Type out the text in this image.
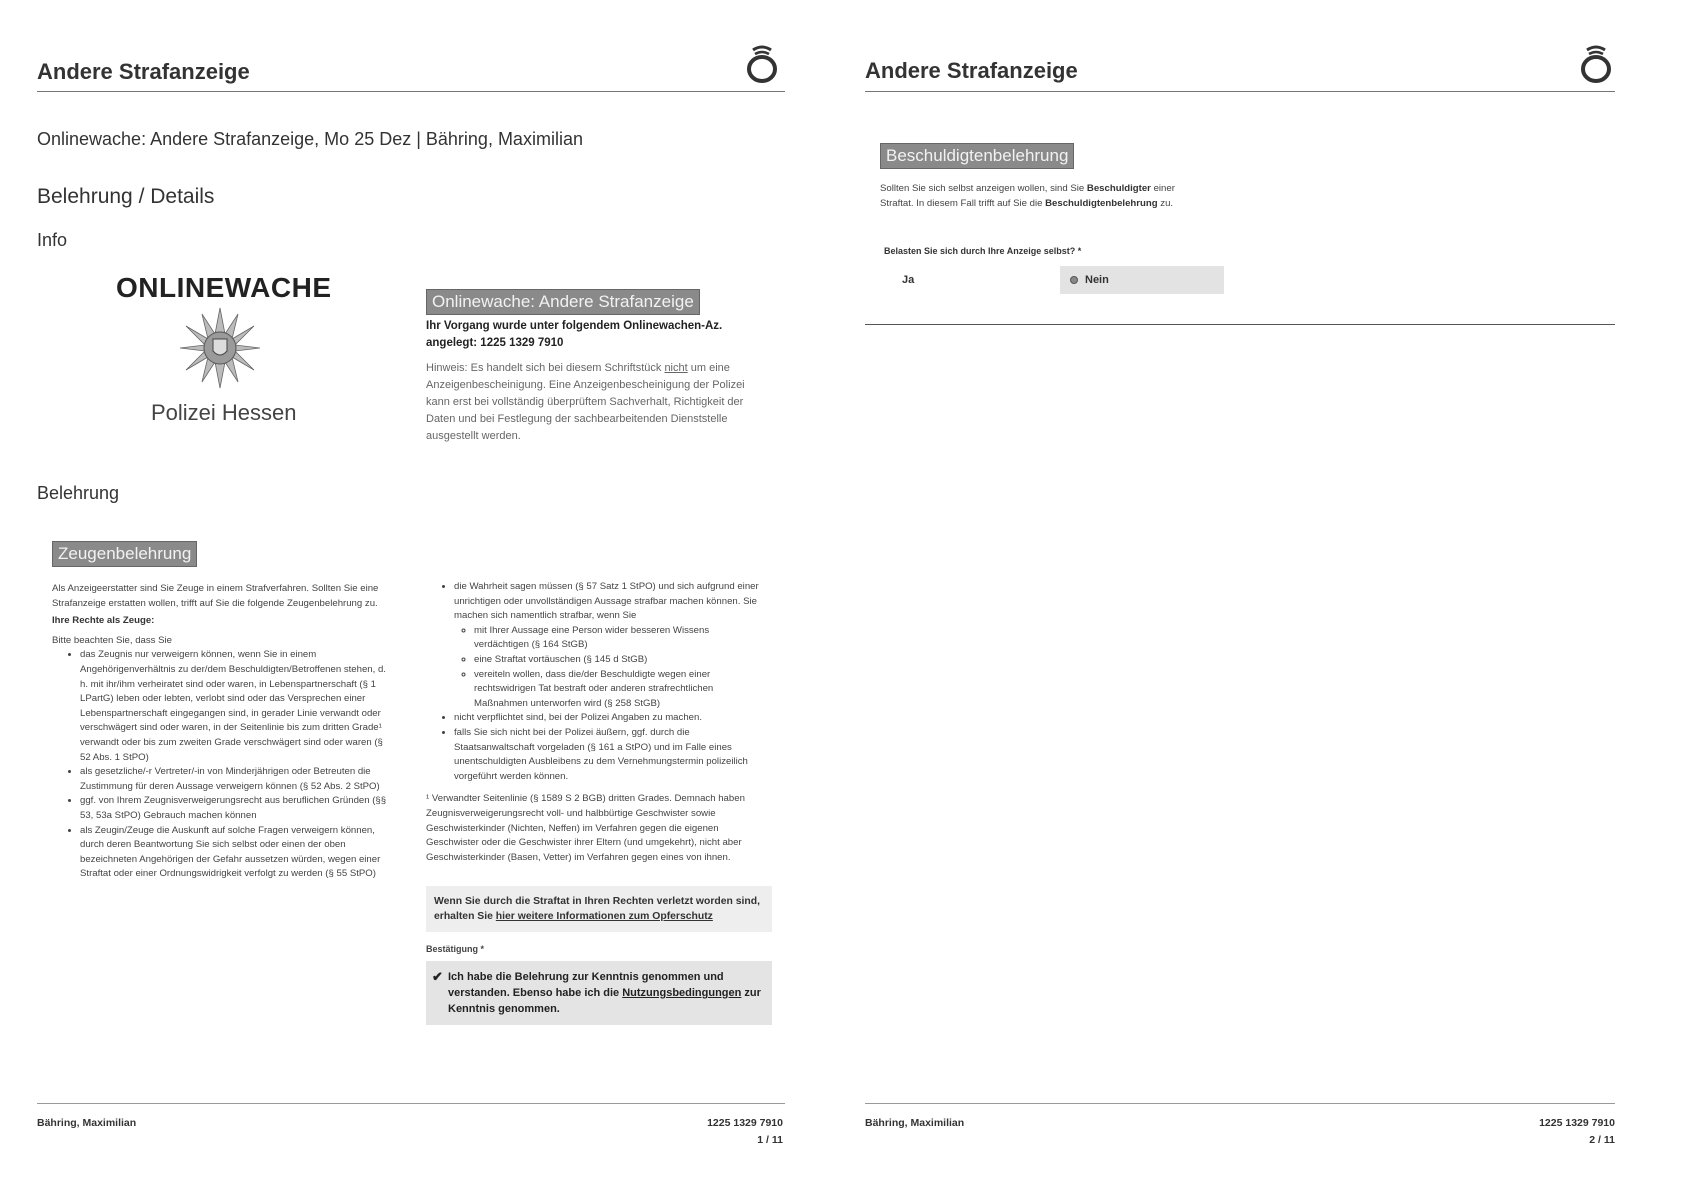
Andere Strafanzeige
Onlinewache: Andere Strafanzeige, Mo 25 Dez | Bähring, Maximilian
Belehrung / Details
Info
ONLINEWACHE
Polizei Hessen
Onlinewache: Andere Strafanzeige
Ihr Vorgang wurde unter folgendem Onlinewachen-Az.
angelegt: 1225 1329 7910
Hinweis: Es handelt sich bei diesem Schriftstück nicht um eine Anzeigenbescheinigung. Eine Anzeigenbescheinigung der Polizei kann erst bei vollständig überprüftem Sachverhalt, Richtigkeit der Daten und bei Festlegung der sachbearbeitenden Dienststelle ausgestellt werden.
Belehrung
Zeugenbelehrung
Als Anzeigeerstatter sind Sie Zeuge in einem Strafverfahren. Sollten Sie eine Strafanzeige erstatten wollen, trifft auf Sie die folgende Zeugenbelehrung zu.
Ihre Rechte als Zeuge:
Bitte beachten Sie, dass Sie
• das Zeugnis nur verweigern können, wenn Sie in einem Angehörigenverhältnis zu der/dem Beschuldigten/Betroffenen stehen, d. h. mit ihr/ihm verheiratet sind oder waren, in Lebenspartnerschaft (§ 1 LPartG) leben oder lebten, verlobt sind oder das Versprechen einer Lebenspartnerschaft eingegangen sind, in gerader Linie verwandt oder verschwägert sind oder waren, in der Seitenlinie bis zum dritten Grade¹ verwandt oder bis zum zweiten Grade verschwägert sind oder waren (§ 52 Abs. 1 StPO)
• als gesetzliche/-r Vertreter/-in von Minderjährigen oder Betreuten die Zustimmung für deren Aussage verweigern können (§ 52 Abs. 2 StPO)
• ggf. von Ihrem Zeugnisverweigerungsrecht aus beruflichen Gründen (§§ 53, 53a StPO) Gebrauch machen können
• als Zeugin/Zeuge die Auskunft auf solche Fragen verweigern können, durch deren Beantwortung Sie sich selbst oder einen der oben bezeichneten Angehörigen der Gefahr aussetzen würden, wegen einer Straftat oder einer Ordnungswidrigkeit verfolgt zu werden (§ 55 StPO)
• die Wahrheit sagen müssen (§ 57 Satz 1 StPO) und sich aufgrund einer unrichtigen oder unvollständigen Aussage strafbar machen können. Sie machen sich namentlich strafbar, wenn Sie
◦ mit Ihrer Aussage eine Person wider besseren Wissens verdächtigen (§ 164 StGB)
◦ eine Straftat vortäuschen (§ 145 d StGB)
◦ vereiteln wollen, dass die/der Beschuldigte wegen einer rechtswidrigen Tat bestraft oder anderen strafrechtlichen Maßnahmen unterworfen wird (§ 258 StGB)
• nicht verpflichtet sind, bei der Polizei Angaben zu machen.
• falls Sie sich nicht bei der Polizei äußern, ggf. durch die Staatsanwaltschaft vorgeladen (§ 161 a StPO) und im Falle eines unentschuldigten Ausbleibens zu dem Vernehmungstermin polizeilich vorgeführt werden können.
¹ Verwandter Seitenlinie (§ 1589 S 2 BGB) dritten Grades. Demnach haben Zeugnisverweigerungsrecht voll- und halbbürtige Geschwister sowie Geschwisterkinder (Nichten, Neffen) im Verfahren gegen die eigenen Geschwister oder die Geschwister ihrer Eltern (und umgekehrt), nicht aber Geschwisterkinder (Basen, Vetter) im Verfahren gegen eines von ihnen.
Wenn Sie durch die Straftat in Ihren Rechten verletzt worden sind, erhalten Sie hier weitere Informationen zum Opferschutz
Bestätigung *
✔ Ich habe die Belehrung zur Kenntnis genommen und verstanden. Ebenso habe ich die Nutzungsbedingungen zur Kenntnis genommen.
Bähring, Maximilian	1225 1329 7910
1 / 11
Andere Strafanzeige
Beschuldigtenbelehrung
Sollten Sie sich selbst anzeigen wollen, sind Sie Beschuldigter einer Straftat. In diesem Fall trifft auf Sie die Beschuldigtenbelehrung zu.
Belasten Sie sich durch Ihre Anzeige selbst? *
Ja	Nein
Bähring, Maximilian	1225 1329 7910
2 / 11
